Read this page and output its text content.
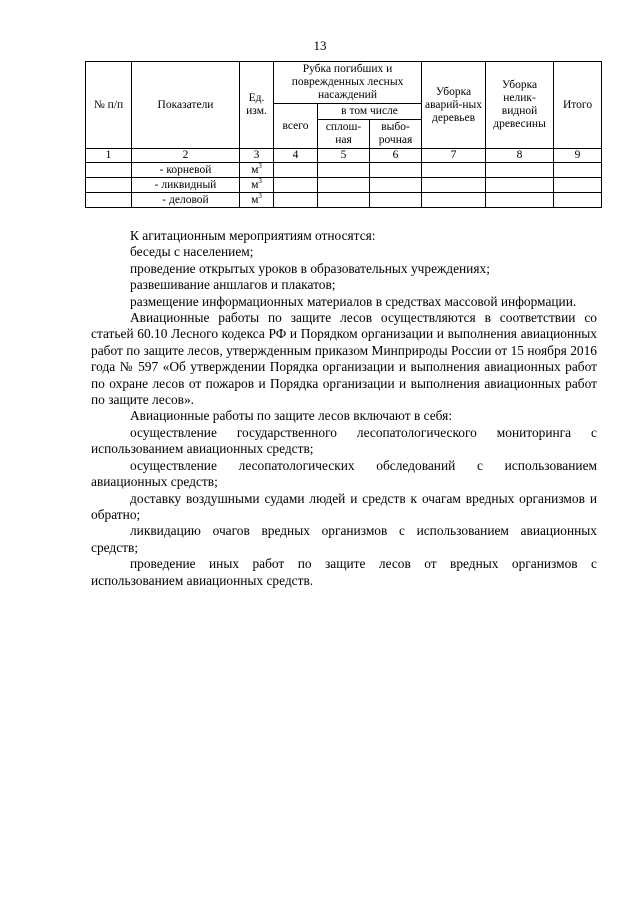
13
№ п/п	Показатели	Ед. изм.	Рубка погибших и поврежденных лесных насаждений			Уборка аварий-ных деревьев	Уборка нелик-видной древесины	Итого
			всего	в том числе				
				сплош-ная	выбо-рочная			
1	2	3	4	5	6	7	8	9
	- корневой	$м^3$						
	- ликвидный	$м^3$						
	- деловой	$м^3$						

К агитационным мероприятиям относятся:

беседы с населением;

проведение открытых уроков в образовательных учреждениях;

развешивание аншлагов и плакатов;

размещение информационных материалов в средствах массовой информации.

Авиационные работы по защите лесов осуществляются в соответствии со статьей 60.10 Лесного кодекса РФ и Порядком организации и выполнения авиационных работ по защите лесов, утвержденным приказом Минприроды России от 15 ноября 2016 года № 597 «Об утверждении Порядка организации и выполнения авиационных работ по охране лесов от пожаров и Порядка организации и выполнения авиационных работ по защите лесов».

Авиационные работы по защите лесов включают в себя:

осуществление государственного лесопатологического мониторинга с использованием авиационных средств;

осуществление лесопатологических обследований с использованием авиационных средств;

доставку воздушными судами людей и средств к очагам вредных организмов и обратно;

ликвидацию очагов вредных организмов с использованием авиационных средств;

проведение иных работ по защите лесов от вредных организмов с использованием авиационных средств.
